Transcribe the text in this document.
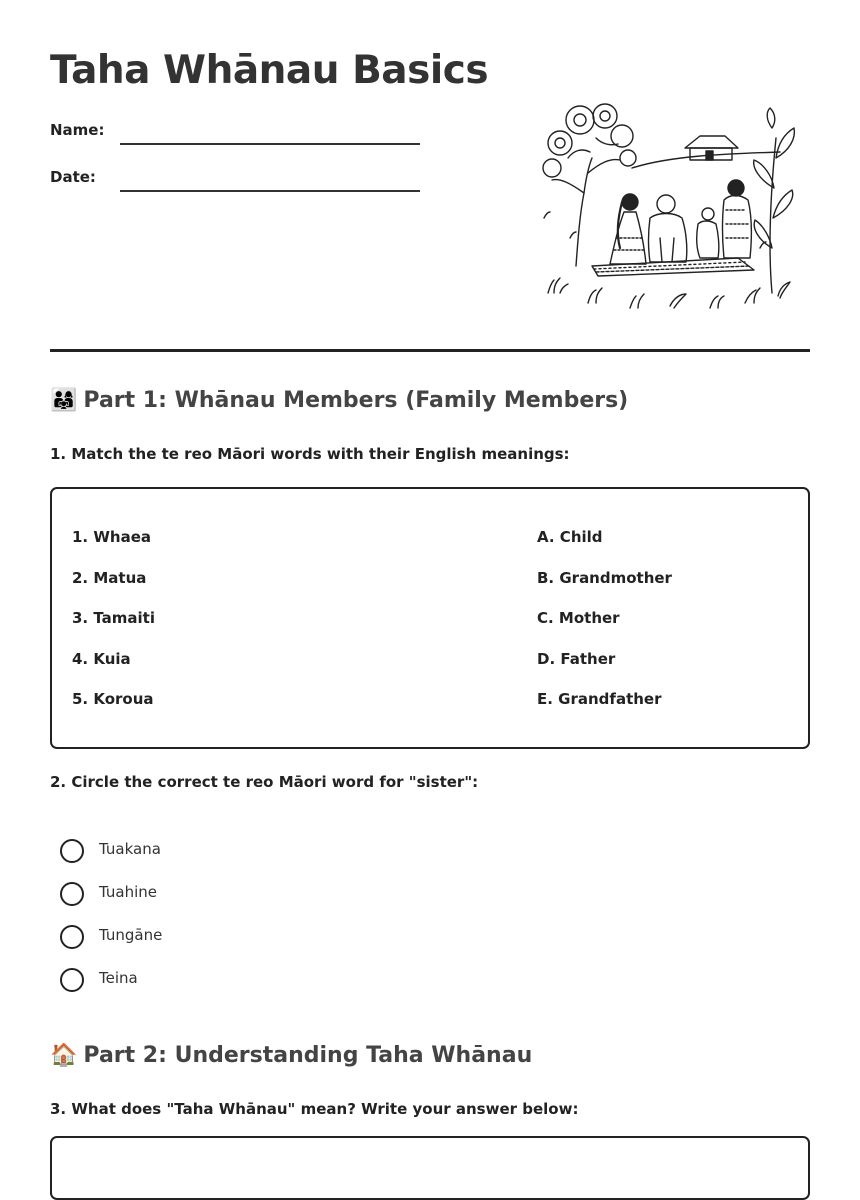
Taha Whānau Basics
Name:
Date:
👨‍👩‍👧 Part 1: Whānau Members (Family Members)
1. Match the te reo Māori words with their English meanings:
1. Whaea
2. Matua
3. Tamaiti
4. Kuia
5. Koroua
A. Child
B. Grandmother
C. Mother
D. Father
E. Grandfather
2. Circle the correct te reo Māori word for "sister":
Tuakana
Tuahine
Tungāne
Teina
🏠 Part 2: Understanding Taha Whānau
3. What does "Taha Whānau" mean? Write your answer below:
